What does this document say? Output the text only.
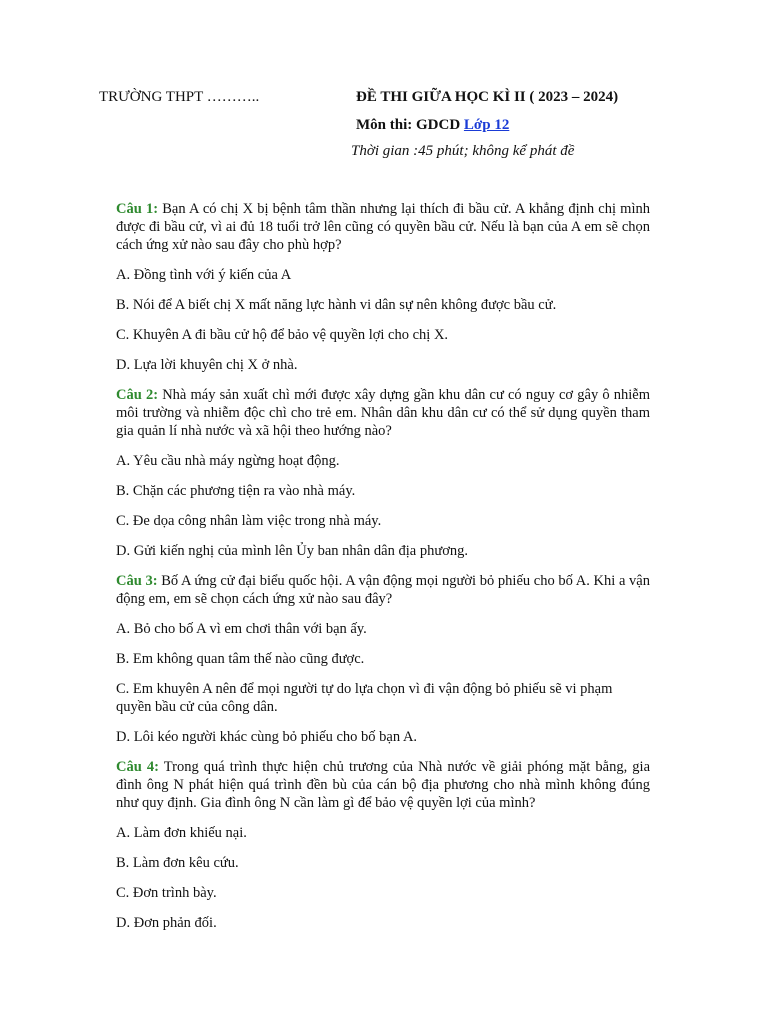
TRƯỜNG THPT ………..	ĐỀ THI GIỮA HỌC KÌ II ( 2023 – 2024)
Môn thi: GDCD Lớp 12
Thời gian :45 phút; không kể phát đề

Câu 1: Bạn A có chị X bị bệnh tâm thần nhưng lại thích đi bầu cử. A khẳng định chị mình được đi bầu cử, vì ai đủ 18 tuổi trở lên cũng có quyền bầu cử. Nếu là bạn của A em sẽ chọn cách ứng xử nào sau đây cho phù hợp?

A. Đồng tình với ý kiến của A

B. Nói để A biết chị X mất năng lực hành vi dân sự nên không được bầu cử.

C. Khuyên A đi bầu cử hộ để bảo vệ quyền lợi cho chị X.

D. Lựa lời khuyên chị X ở nhà.

Câu 2: Nhà máy sản xuất chì mới được xây dựng gần khu dân cư có nguy cơ gây ô nhiễm môi trường và nhiễm độc chì cho trẻ em. Nhân dân khu dân cư có thể sử dụng quyền tham gia quản lí nhà nước và xã hội theo hướng nào?

A. Yêu cầu nhà máy ngừng hoạt động.

B. Chặn các phương tiện ra vào nhà máy.

C. Đe dọa công nhân làm việc trong nhà máy.

D. Gửi kiến nghị của mình lên Ủy ban nhân dân địa phương.

Câu 3: Bố A ứng cử đại biểu quốc hội. A vận động mọi người bỏ phiếu cho bố A. Khi a vận động em, em sẽ chọn cách ứng xử nào sau đây?

A. Bỏ cho bố A vì em chơi thân với bạn ấy.

B. Em không quan tâm thế nào cũng được.

C. Em khuyên A nên để mọi người tự do lựa chọn vì đi vận động bỏ phiếu sẽ vi phạm quyền bầu cử của công dân.

D. Lôi kéo người khác cùng bỏ phiếu cho bố bạn A.

Câu 4: Trong quá trình thực hiện chủ trương của Nhà nước về giải phóng mặt bằng, gia đình ông N phát hiện quá trình đền bù của cán bộ địa phương cho nhà mình không đúng như quy định. Gia đình ông N cần làm gì để bảo vệ quyền lợi của mình?

A. Làm đơn khiếu nại.

B. Làm đơn kêu cứu.

C. Đơn trình bày.

D. Đơn phản đối.
